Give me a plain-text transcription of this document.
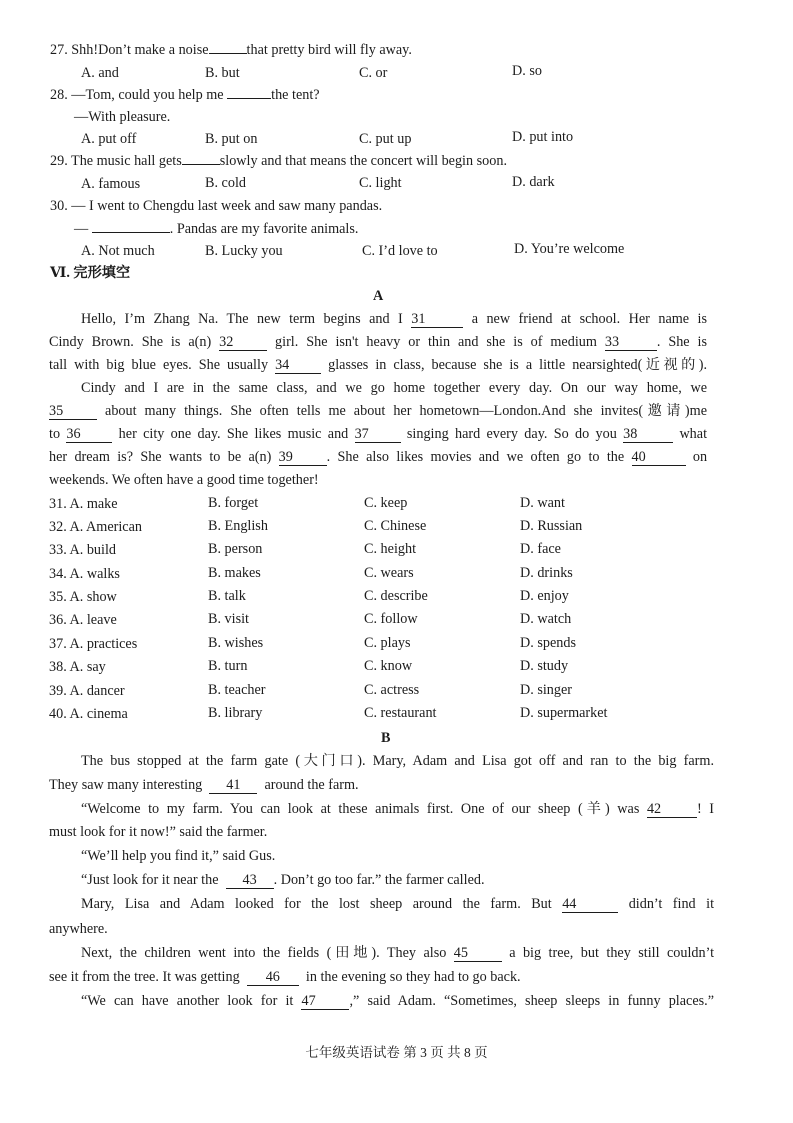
27. Shh!Don’t make a noise	that pretty bird will fly away.
A. and	B. but	C. or	D. so
28. —Tom, could you help me	the tent?
—With pleasure.
A. put off	B. put on	C. put up	D. put into
29. The music hall gets	slowly and that means the concert will begin soon.
A. famous	B. cold	C. light	D. dark
30. — I went to Chengdu last week and saw many pandas.
—	. Pandas are my favorite animals.
A. Not much	B. Lucky you	C. I’d love to	D. You’re welcome
Ⅵ. 完形填空
A
Hello, I’m Zhang Na. The new term begins and I 31	a new friend at school. Her name is
Cindy Brown. She is a(n) 32	girl. She isn't heavy or thin and she is of medium 33	. She is
tall with big blue eyes. She usually 34	glasses in class, because she is a little nearsighted(近视的).
Cindy and I are in the same class, and we go home together every day. On our way home, we
35	about many things. She often tells me about her hometown—London.And she invites(邀请)me
to 36	her city one day. She likes music and 37	singing hard every day. So do you 38	what
her dream is? She wants to be a(n) 39 . She also likes movies and we often go to the 40	on
weekends. We often have a good time together!
31. A. make	B. forget	C. keep	D. want
32. A. American	B. English	C. Chinese	D. Russian
33. A. build	B. person	C. height	D. face
34. A. walks	B. makes	C. wears	D. drinks
35. A. show	B. talk	C. describe	D. enjoy
36. A. leave	B. visit	C. follow	D. watch
37. A. practices	B. wishes	C. plays	D. spends
38. A. say	B. turn	C. know	D. study
39. A. dancer	B. teacher	C. actress	D. singer
40. A. cinema	B. library	C. restaurant	D. supermarket
B
The bus stopped at the farm gate (大门口). Mary, Adam and Lisa got off and ran to the big farm.
They saw many interesting 41 around the farm.
“Welcome to my farm. You can look at these animals first. One of our sheep (羊) was 42	! I
must look for it now!” said the farmer.
“We’ll help you find it,” said Gus.
“Just look for it near the 43 . Don’t go too far.” the farmer called.
Mary, Lisa and Adam looked for the lost sheep around the farm. But 44	didn’t find it
anywhere.
Next, the children went into the fields (田地). They also 45	a big tree, but they still couldn’t
see it from the tree. It was getting 46 in the evening so they had to go back.
“We can have another look for it 47 ,” said Adam. “Sometimes, sheep sleeps in funny places.”
七年级英语试卷 第 3 页 共 8 页
